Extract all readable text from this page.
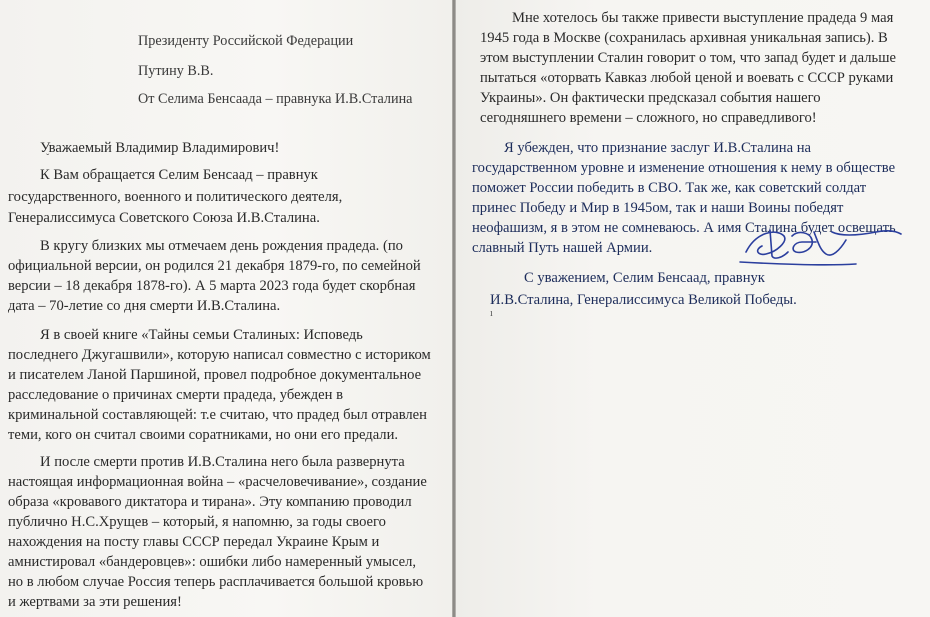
Президенту Российской Федерации
Путину В.В.
От Селима Бенсаада – правнука И.В.Сталина
Уважаемый Владимир Владимирович!
ˇ
К Вам обращается Селим Бенсаад – правнук
государственного, военного и политического деятеля,
Генералиссимуса Советского Союза И.В.Сталина.
В кругу близких мы отмечаем день рождения прадеда. (по
официальной версии, он родился 21 декабря 1879-го, по семейной
версии – 18 декабря 1878-го). А 5 марта 2023 года будет скорбная
дата – 70-летие со дня смерти И.В.Сталина.
Я в своей книге «Тайны семьи Сталиных: Исповедь
последнего Джугашвили», которую написал совместно с историком
и писателем Ланой Паршиной, провел подробное документальное
расследование о причинах смерти прадеда, убежден в
криминальной составляющей: т.е считаю, что прадед был отравлен
теми, кого он считал своими соратниками, но они его предали.
И после смерти против И.В.Сталина него была развернута
настоящая информационная война – «расчеловечивание», создание
образа «кровавого диктатора и тирана». Эту компанию проводил
публично Н.С.Хрущев – который, я напомню, за годы своего
нахождения на посту главы СССР передал Украине Крым и
амнистировал «бандеровцев»: ошибки либо намеренный умысел,
но в любом случае Россия теперь расплачивается большой кровью
и жертвами за эти решения!
Мне хотелось бы также привести выступление прадеда 9 мая
1945 года в Москве (сохранилась архивная уникальная запись). В
этом выступлении Сталин говорит о том, что запад будет и дальше
пытаться «оторвать Кавказ любой ценой и воевать с СССР руками
Украины». Он фактически предсказал события нашего
сегодняшнего времени – сложного, но справедливого!
Я убежден, что признание заслуг И.В.Сталина на
государственном уровне и изменение отношения к нему в обществе
поможет России победить в СВО. Так же, как советский солдат
принес Победу и Мир в 1945ом, так и наши Воины победят
неофашизм, я в этом не сомневаюсь. А имя Сталина будет освещать
славный Путь нашей Армии.
С уважением, Селим Бенсаад, правнук
И.В.Сталина, Генералиссимуса Великой Победы.
ı
